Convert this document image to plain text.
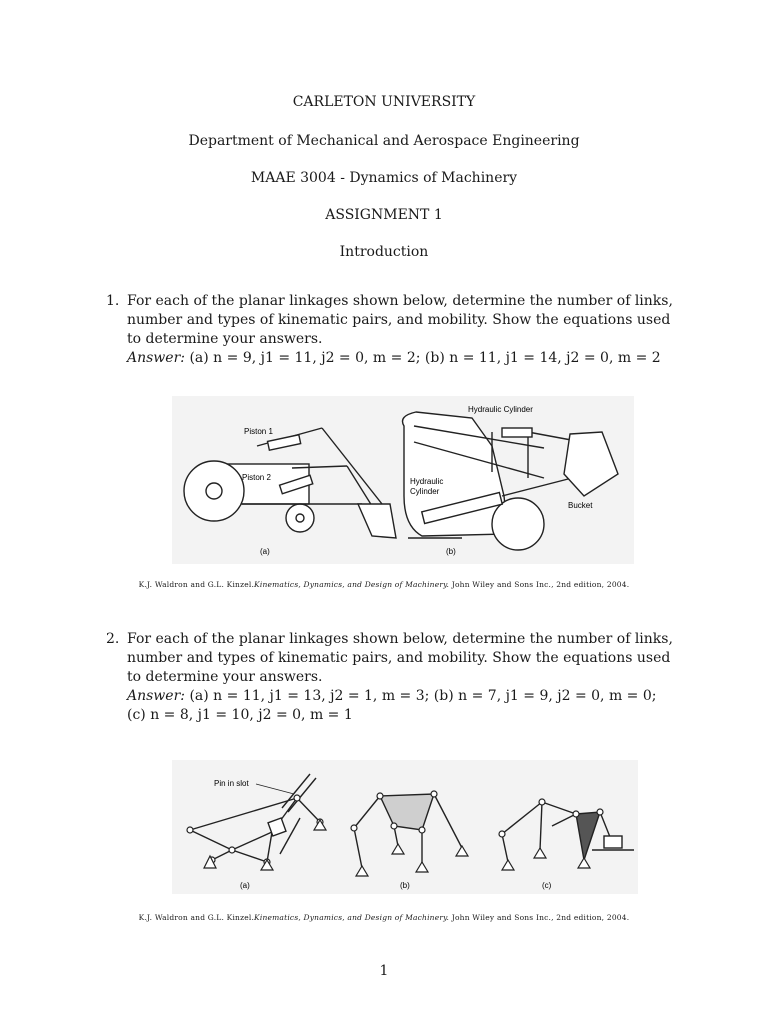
CARLETON UNIVERSITY
Department of Mechanical and Aerospace Engineering
MAAE 3004 - Dynamics of Machinery
ASSIGNMENT 1
Introduction
1. For each of the planar linkages shown below, determine the number of links, number and types of kinematic pairs, and mobility. Show the equations used to determine your answers.
Answer: (a) n = 9, j1 = 11, j2 = 0, m = 2; (b) n = 11, j1 = 14, j2 = 0, m = 2
Piston 1
Piston 2
Hydraulic Cylinder
Hydraulic
Cylinder
Bucket
(a)	(b)
K.J. Waldron and G.L. Kinzel.Kinematics, Dynamics, and Design of Machinery. John Wiley and Sons Inc., 2nd edition, 2004.
2. For each of the planar linkages shown below, determine the number of links, number and types of kinematic pairs, and mobility. Show the equations used to determine your answers.
Answer: (a) n = 11, j1 = 13, j2 = 1, m = 3; (b) n = 7, j1 = 9, j2 = 0, m = 0;
(c) n = 8, j1 = 10, j2 = 0, m = 1
Pin in slot
(a)	(b)	(c)
K.J. Waldron and G.L. Kinzel.Kinematics, Dynamics, and Design of Machinery. John Wiley and Sons Inc., 2nd edition, 2004.
1
